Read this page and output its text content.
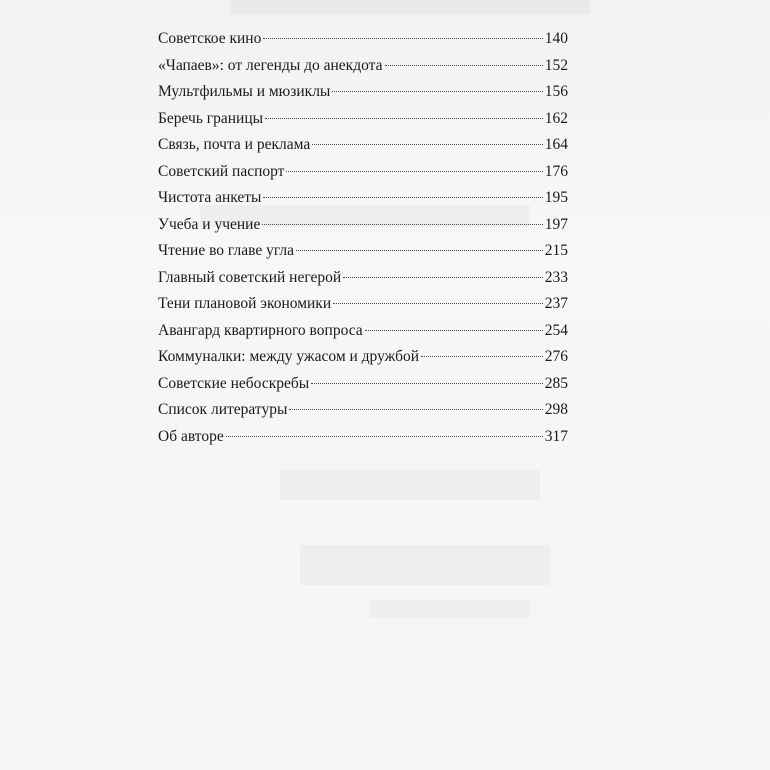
Советское кино	140
«Чапаев»: от легенды до анекдота	152
Мультфильмы и мюзиклы	156
Беречь границы	162
Связь, почта и реклама	164
Советский паспорт	176
Чистота анкеты	195
Учеба и учение	197
Чтение во главе угла	215
Главный советский негерой	233
Тени плановой экономики	237
Авангард квартирного вопроса	254
Коммуналки: между ужасом и дружбой	276
Советские небоскребы	285
Список литературы	298
Об авторе	317
